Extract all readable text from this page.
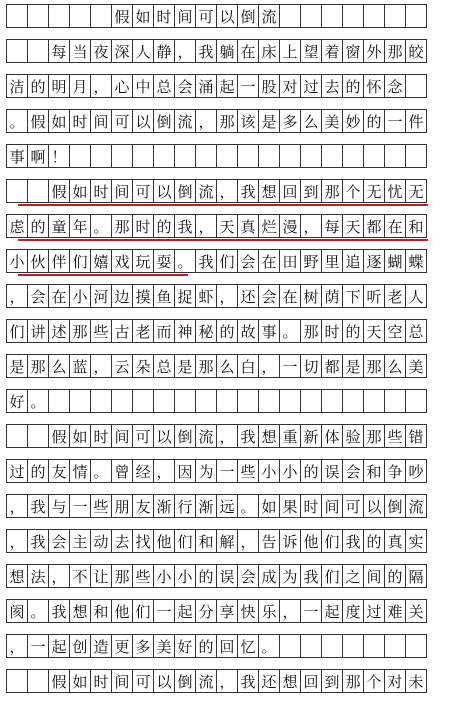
假 如 时 间 可 以 倒 流

每 当 夜 深 人 静 ， 我 躺 在 床 上 望 着 窗 外 那 皎
洁 的 明 月 ， 心 中 总 会 涌 起 一 股 对 过 去 的 怀 念
。 假 如 时 间 可 以 倒 流 ， 那 该 是 多 么 美 妙 的 一 件
事 啊 ！

假 如 时 间 可 以 倒 流 ， 我 想 回 到 那 个 无 忧 无
虑 的 童 年 。 那 时 的 我 ， 天 真 烂 漫 ， 每 天 都 在 和
小 伙 伴 们 嬉 戏 玩 耍 。 我 们 会 在 田 野 里 追 逐 蝴 蝶
， 会 在 小 河 边 摸 鱼 捉 虾 ， 还 会 在 树 荫 下 听 老 人
们 讲 述 那 些 古 老 而 神 秘 的 故 事 。 那 时 的 天 空 总
是 那 么 蓝 ， 云 朵 总 是 那 么 白 ， 一 切 都 是 那 么 美
好 。

假 如 时 间 可 以 倒 流 ， 我 想 重 新 体 验 那 些 错
过 的 友 情 。 曾 经 ， 因 为 一 些 小 小 的 误 会 和 争 吵
， 我 与 一 些 朋 友 渐 行 渐 远 。 如 果 时 间 可 以 倒 流
， 我 会 主 动 去 找 他 们 和 解 ， 告 诉 他 们 我 的 真 实
想 法 ， 不 让 那 些 小 小 的 误 会 成 为 我 们 之 间 的 隔
阂 。 我 想 和 他 们 一 起 分 享 快 乐 ， 一 起 度 过 难 关
， 一 起 创 造 更 多 美 好 的 回 忆 。

假 如 时 间 可 以 倒 流 ， 我 还 想 回 到 那 个 对 未
